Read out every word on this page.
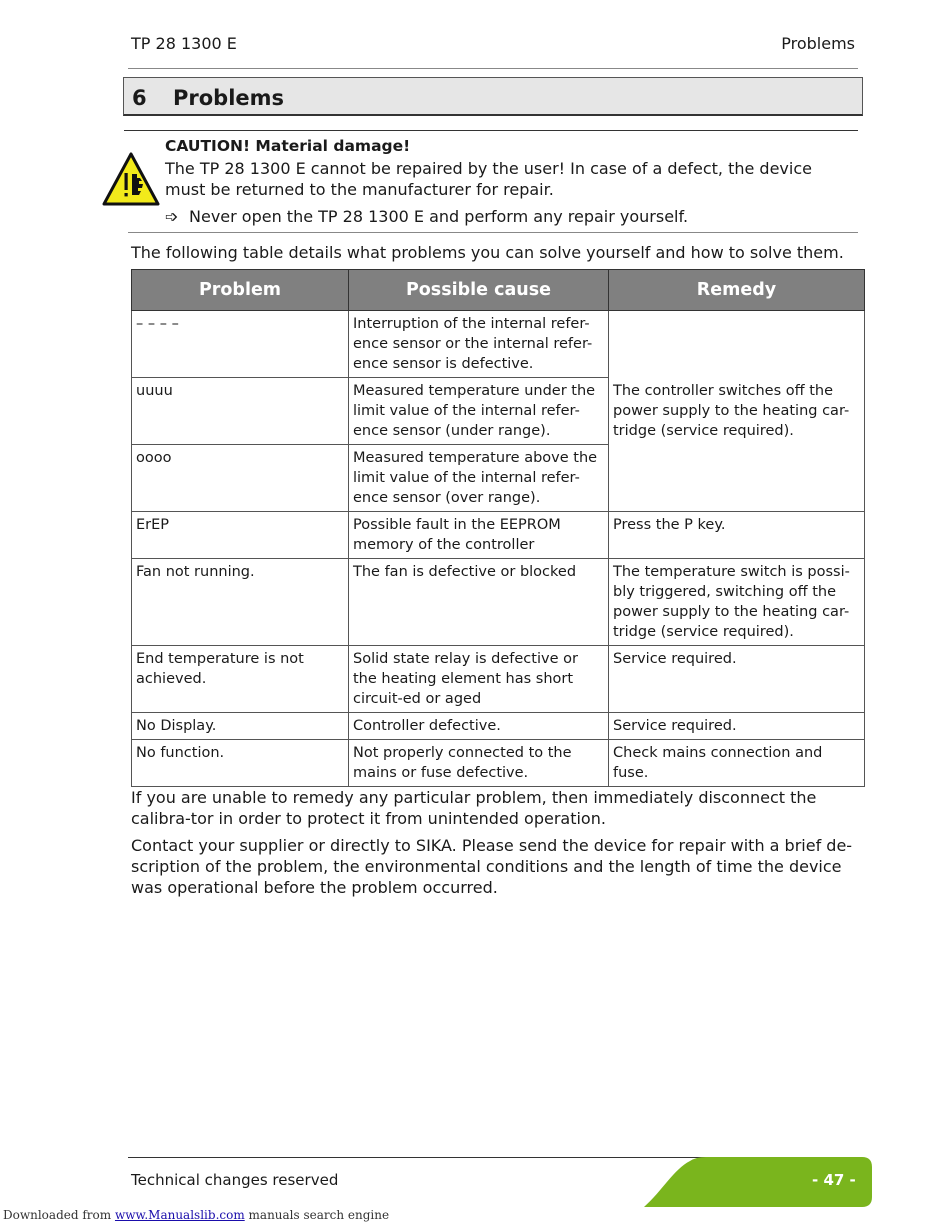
TP 28 1300 E	Problems
6 Problems
CAUTION! Material damage!
The TP 28 1300 E cannot be repaired by the user! In case of a defect, the device must be returned to the manufacturer for repair.
➩ Never open the TP 28 1300 E and perform any repair yourself.
The following table details what problems you can solve yourself and how to solve them.
Problem	Possible cause	Remedy
– – – –	Interruption of the internal refer-ence sensor or the internal refer-ence sensor is defective.	The controller switches off the power supply to the heating car-tridge (service required).
uuuu	Measured temperature under the limit value of the internal refer-ence sensor (under range).	
oooo	Measured temperature above the limit value of the internal refer-ence sensor (over range).	
ErEP	Possible fault in the EEPROM memory of the controller	Press the P key.
Fan not running.	The fan is defective or blocked	The temperature switch is possi-bly triggered, switching off the power supply to the heating car-tridge (service required).
End temperature is not achieved.	Solid state relay is defective or the heating element has short circuit-ed or aged	Service required.
No Display.	Controller defective.	Service required.
No function.	Not properly connected to the mains or fuse defective.	Check mains connection and fuse.
If you are unable to remedy any particular problem, then immediately disconnect the calibra-tor in order to protect it from unintended operation.
Contact your supplier or directly to SIKA. Please send the device for repair with a brief de-scription of the problem, the environmental conditions and the length of time the device was operational before the problem occurred.
Technical changes reserved	- 47 -
Downloaded from www.Manualslib.com manuals search engine
